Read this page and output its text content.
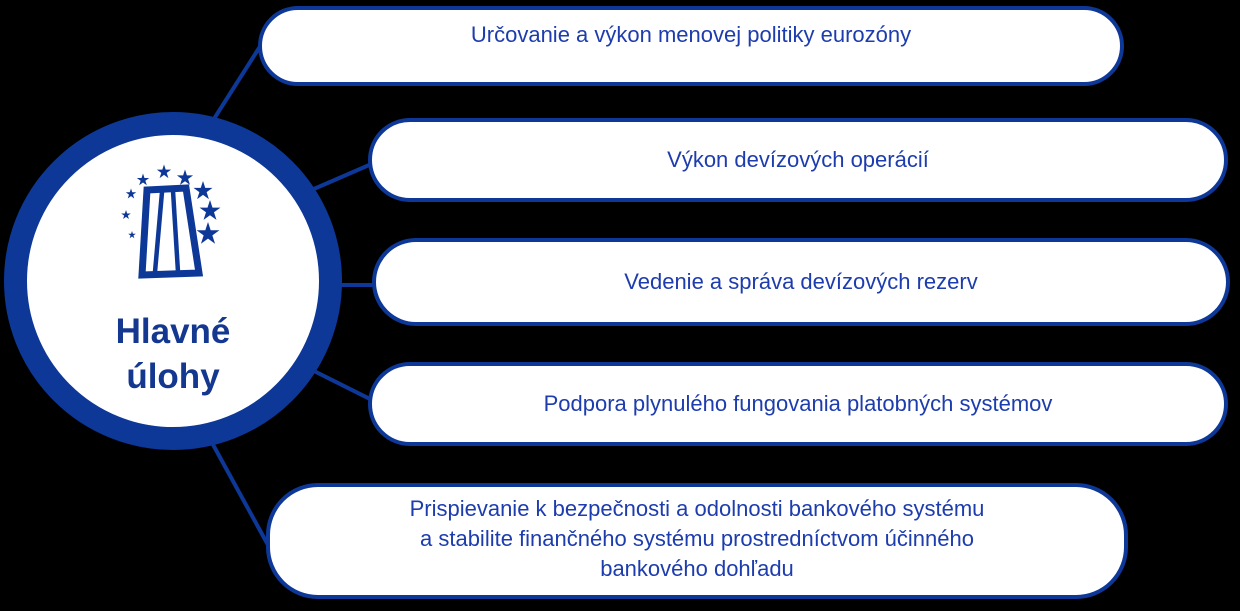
Hlavné
úlohy
Určovanie a výkon menovej politiky eurozóny
Výkon devízových operácií
Vedenie a správa devízových rezerv
Podpora plynulého fungovania platobných systémov
Prispievanie k bezpečnosti a odolnosti bankového systému
a stabilite finančného systému prostredníctvom účinného
bankového dohľadu
